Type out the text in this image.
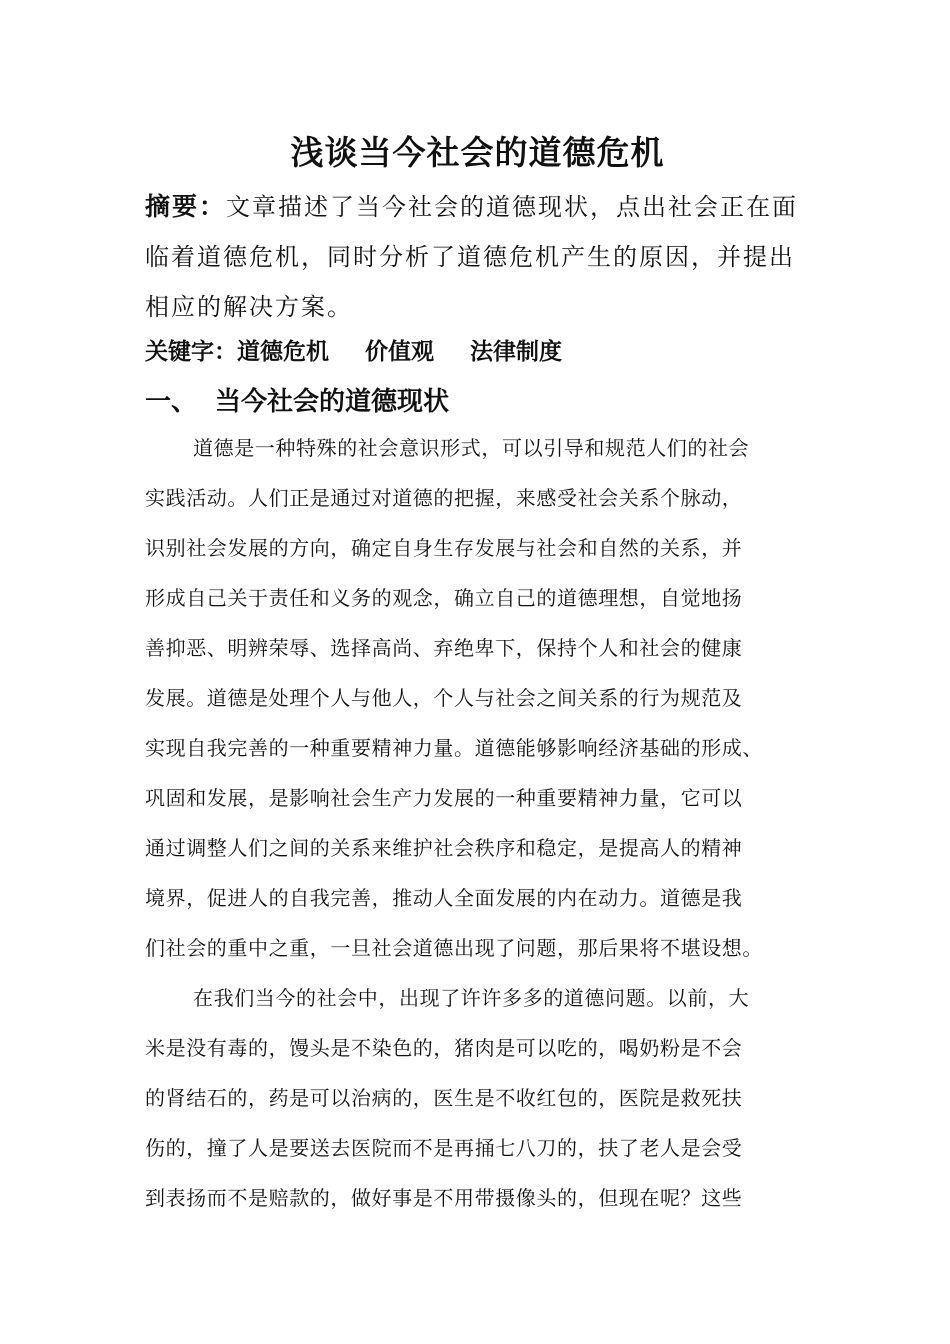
浅谈当今社会的道德危机
摘要：文章描述了当今社会的道德现状，点出社会正在面临着道德危机，同时分析了道德危机产生的原因，并提出相应的解决方案。
关键字：道德危机 价值观 法律制度
一、 当今社会的道德现状
道德是一种特殊的社会意识形式，可以引导和规范人们的社会
实践活动。人们正是通过对道德的把握，来感受社会关系个脉动，
识别社会发展的方向，确定自身生存发展与社会和自然的关系，并
形成自己关于责任和义务的观念，确立自己的道德理想，自觉地扬
善抑恶、明辨荣辱、选择高尚、弃绝卑下，保持个人和社会的健康
发展。道德是处理个人与他人，个人与社会之间关系的行为规范及
实现自我完善的一种重要精神力量。道德能够影响经济基础的形成、
巩固和发展，是影响社会生产力发展的一种重要精神力量，它可以
通过调整人们之间的关系来维护社会秩序和稳定，是提高人的精神
境界，促进人的自我完善，推动人全面发展的内在动力。道德是我
们社会的重中之重，一旦社会道德出现了问题，那后果将不堪设想。
在我们当今的社会中，出现了许许多多的道德问题。以前，大
米是没有毒的，馒头是不染色的，猪肉是可以吃的，喝奶粉是不会
的肾结石的，药是可以治病的，医生是不收红包的，医院是救死扶
伤的，撞了人是要送去医院而不是再捅七八刀的，扶了老人是会受
到表扬而不是赔款的，做好事是不用带摄像头的，但现在呢？这些
